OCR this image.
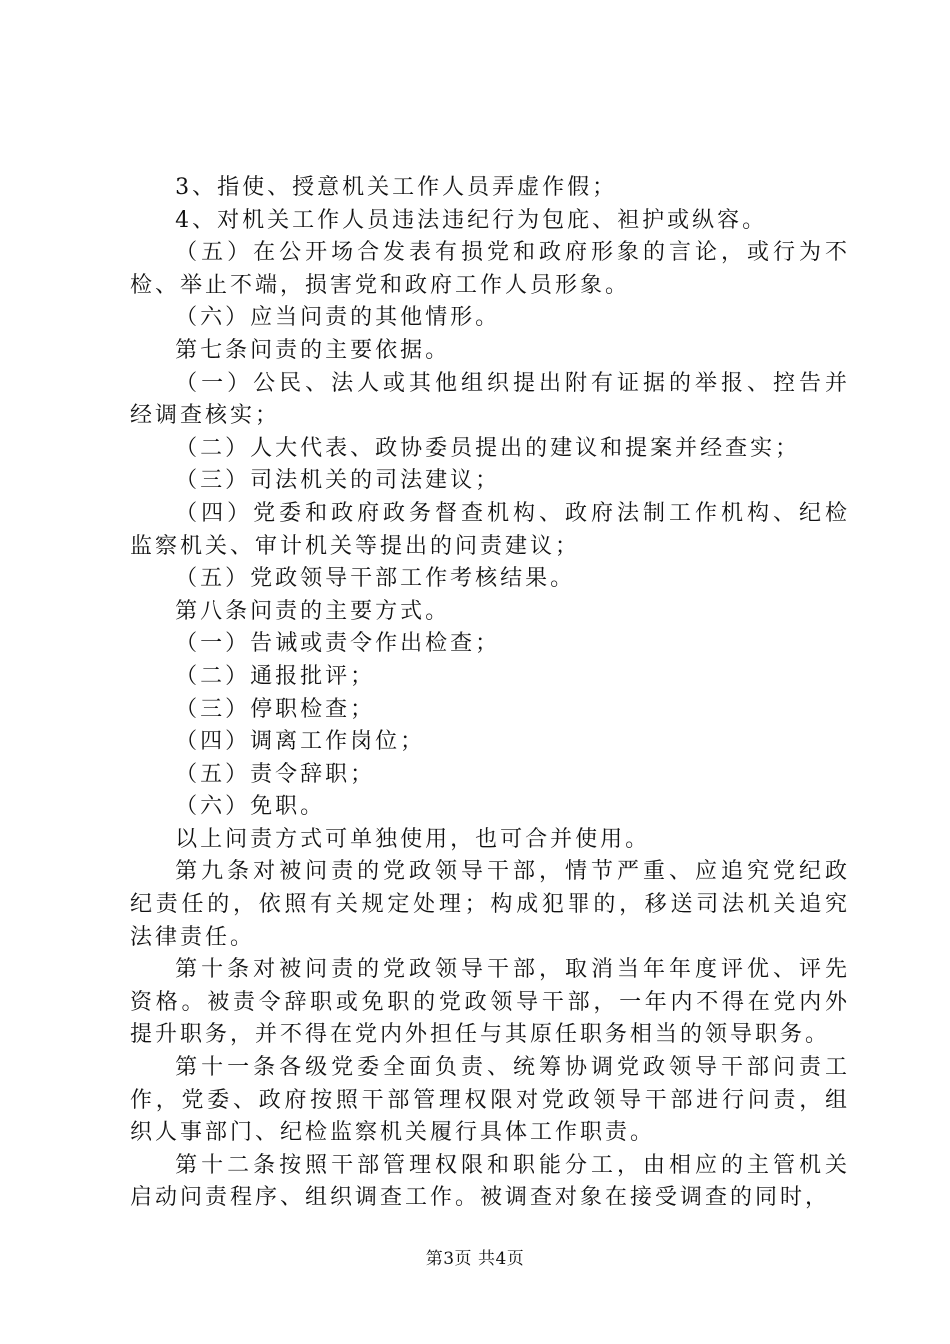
3、指使、授意机关工作人员弄虚作假；

4、对机关工作人员违法违纪行为包庇、袒护或纵容。

（五）在公开场合发表有损党和政府形象的言论，或行为不检、举止不端，损害党和政府工作人员形象。

（六）应当问责的其他情形。

第七条问责的主要依据。

（一）公民、法人或其他组织提出附有证据的举报、控告并经调查核实；

（二）人大代表、政协委员提出的建议和提案并经查实；

（三）司法机关的司法建议；

（四）党委和政府政务督查机构、政府法制工作机构、纪检监察机关、审计机关等提出的问责建议；

（五）党政领导干部工作考核结果。

第八条问责的主要方式。

（一）告诫或责令作出检查；

（二）通报批评；

（三）停职检查；

（四）调离工作岗位；

（五）责令辞职；

（六）免职。

以上问责方式可单独使用，也可合并使用。

第九条对被问责的党政领导干部，情节严重、应追究党纪政纪责任的，依照有关规定处理；构成犯罪的，移送司法机关追究法律责任。

第十条对被问责的党政领导干部，取消当年年度评优、评先资格。被责令辞职或免职的党政领导干部，一年内不得在党内外提升职务，并不得在党内外担任与其原任职务相当的领导职务。

第十一条各级党委全面负责、统筹协调党政领导干部问责工作，党委、政府按照干部管理权限对党政领导干部进行问责，组织人事部门、纪检监察机关履行具体工作职责。

第十二条按照干部管理权限和职能分工，由相应的主管机关启动问责程序、组织调查工作。被调查对象在接受调查的同时，

第3页 共4页
